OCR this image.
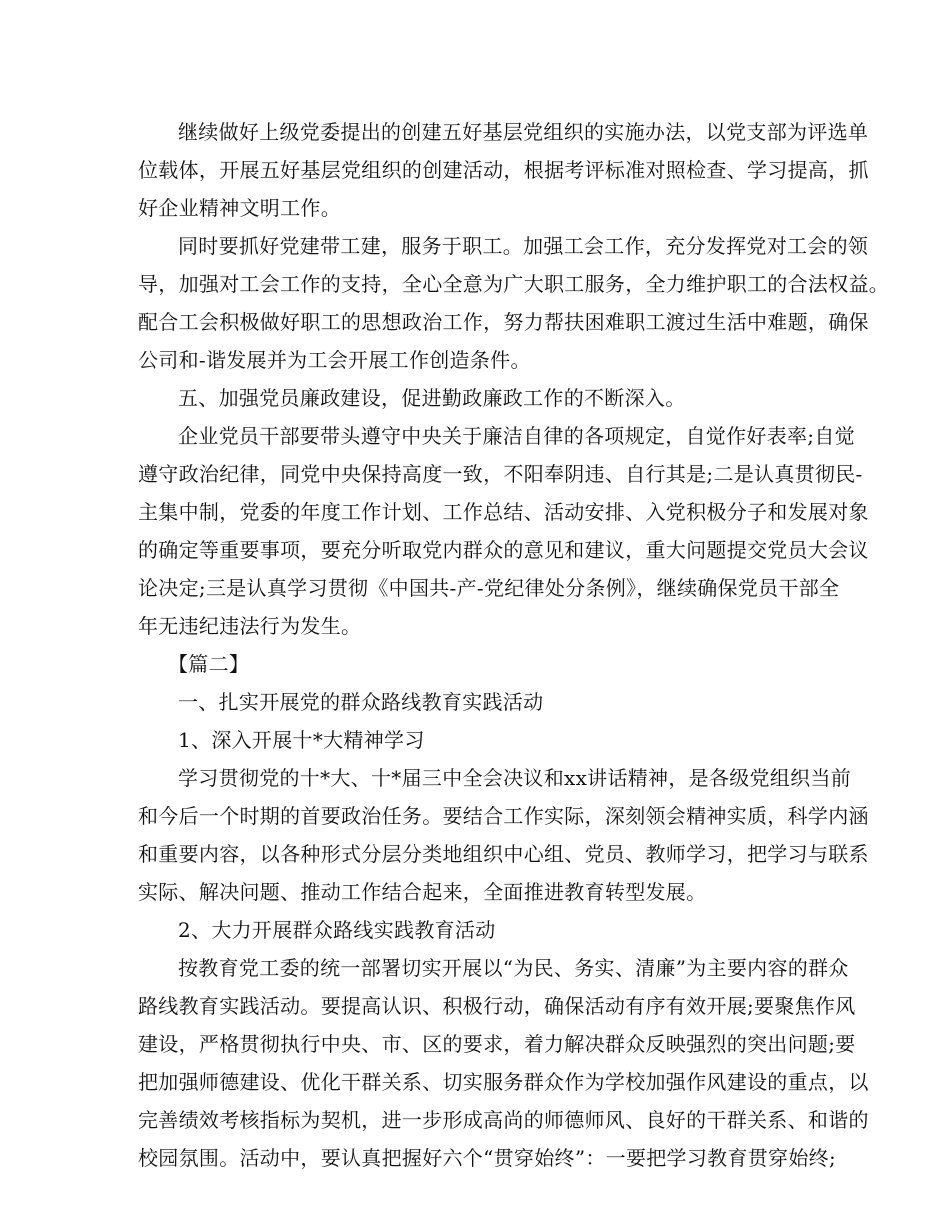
继续做好上级党委提出的创建五好基层党组织的实施办法，以党支部为评选单
位载体，开展五好基层党组织的创建活动，根据考评标准对照检查、学习提高，抓
好企业精神文明工作。
同时要抓好党建带工建，服务于职工。加强工会工作，充分发挥党对工会的领
导，加强对工会工作的支持，全心全意为广大职工服务，全力维护职工的合法权益。
配合工会积极做好职工的思想政治工作，努力帮扶困难职工渡过生活中难题，确保
公司和-谐发展并为工会开展工作创造条件。
五、加强党员廉政建设，促进勤政廉政工作的不断深入。
企业党员干部要带头遵守中央关于廉洁自律的各项规定，自觉作好表率;自觉
遵守政治纪律，同党中央保持高度一致，不阳奉阴违、自行其是;二是认真贯彻民-
主集中制，党委的年度工作计划、工作总结、活动安排、入党积极分子和发展对象
的确定等重要事项，要充分听取党内群众的意见和建议，重大问题提交党员大会议
论决定;三是认真学习贯彻《中国共-产-党纪律处分条例》，继续确保党员干部全
年无违纪违法行为发生。
【篇二】
一、扎实开展党的群众路线教育实践活动
1、深入开展十*大精神学习
学习贯彻党的十*大、十*届三中全会决议和xx讲话精神，是各级党组织当前
和今后一个时期的首要政治任务。要结合工作实际，深刻领会精神实质，科学内涵
和重要内容，以各种形式分层分类地组织中心组、党员、教师学习，把学习与联系
实际、解决问题、推动工作结合起来，全面推进教育转型发展。
2、大力开展群众路线实践教育活动
按教育党工委的统一部署切实开展以“为民、务实、清廉”为主要内容的群众
路线教育实践活动。要提高认识、积极行动，确保活动有序有效开展;要聚焦作风
建设，严格贯彻执行中央、市、区的要求，着力解决群众反映强烈的突出问题;要
把加强师德建设、优化干群关系、切实服务群众作为学校加强作风建设的重点，以
完善绩效考核指标为契机，进一步形成高尚的师德师风、良好的干群关系、和谐的
校园氛围。活动中，要认真把握好六个“贯穿始终”：一要把学习教育贯穿始终;
